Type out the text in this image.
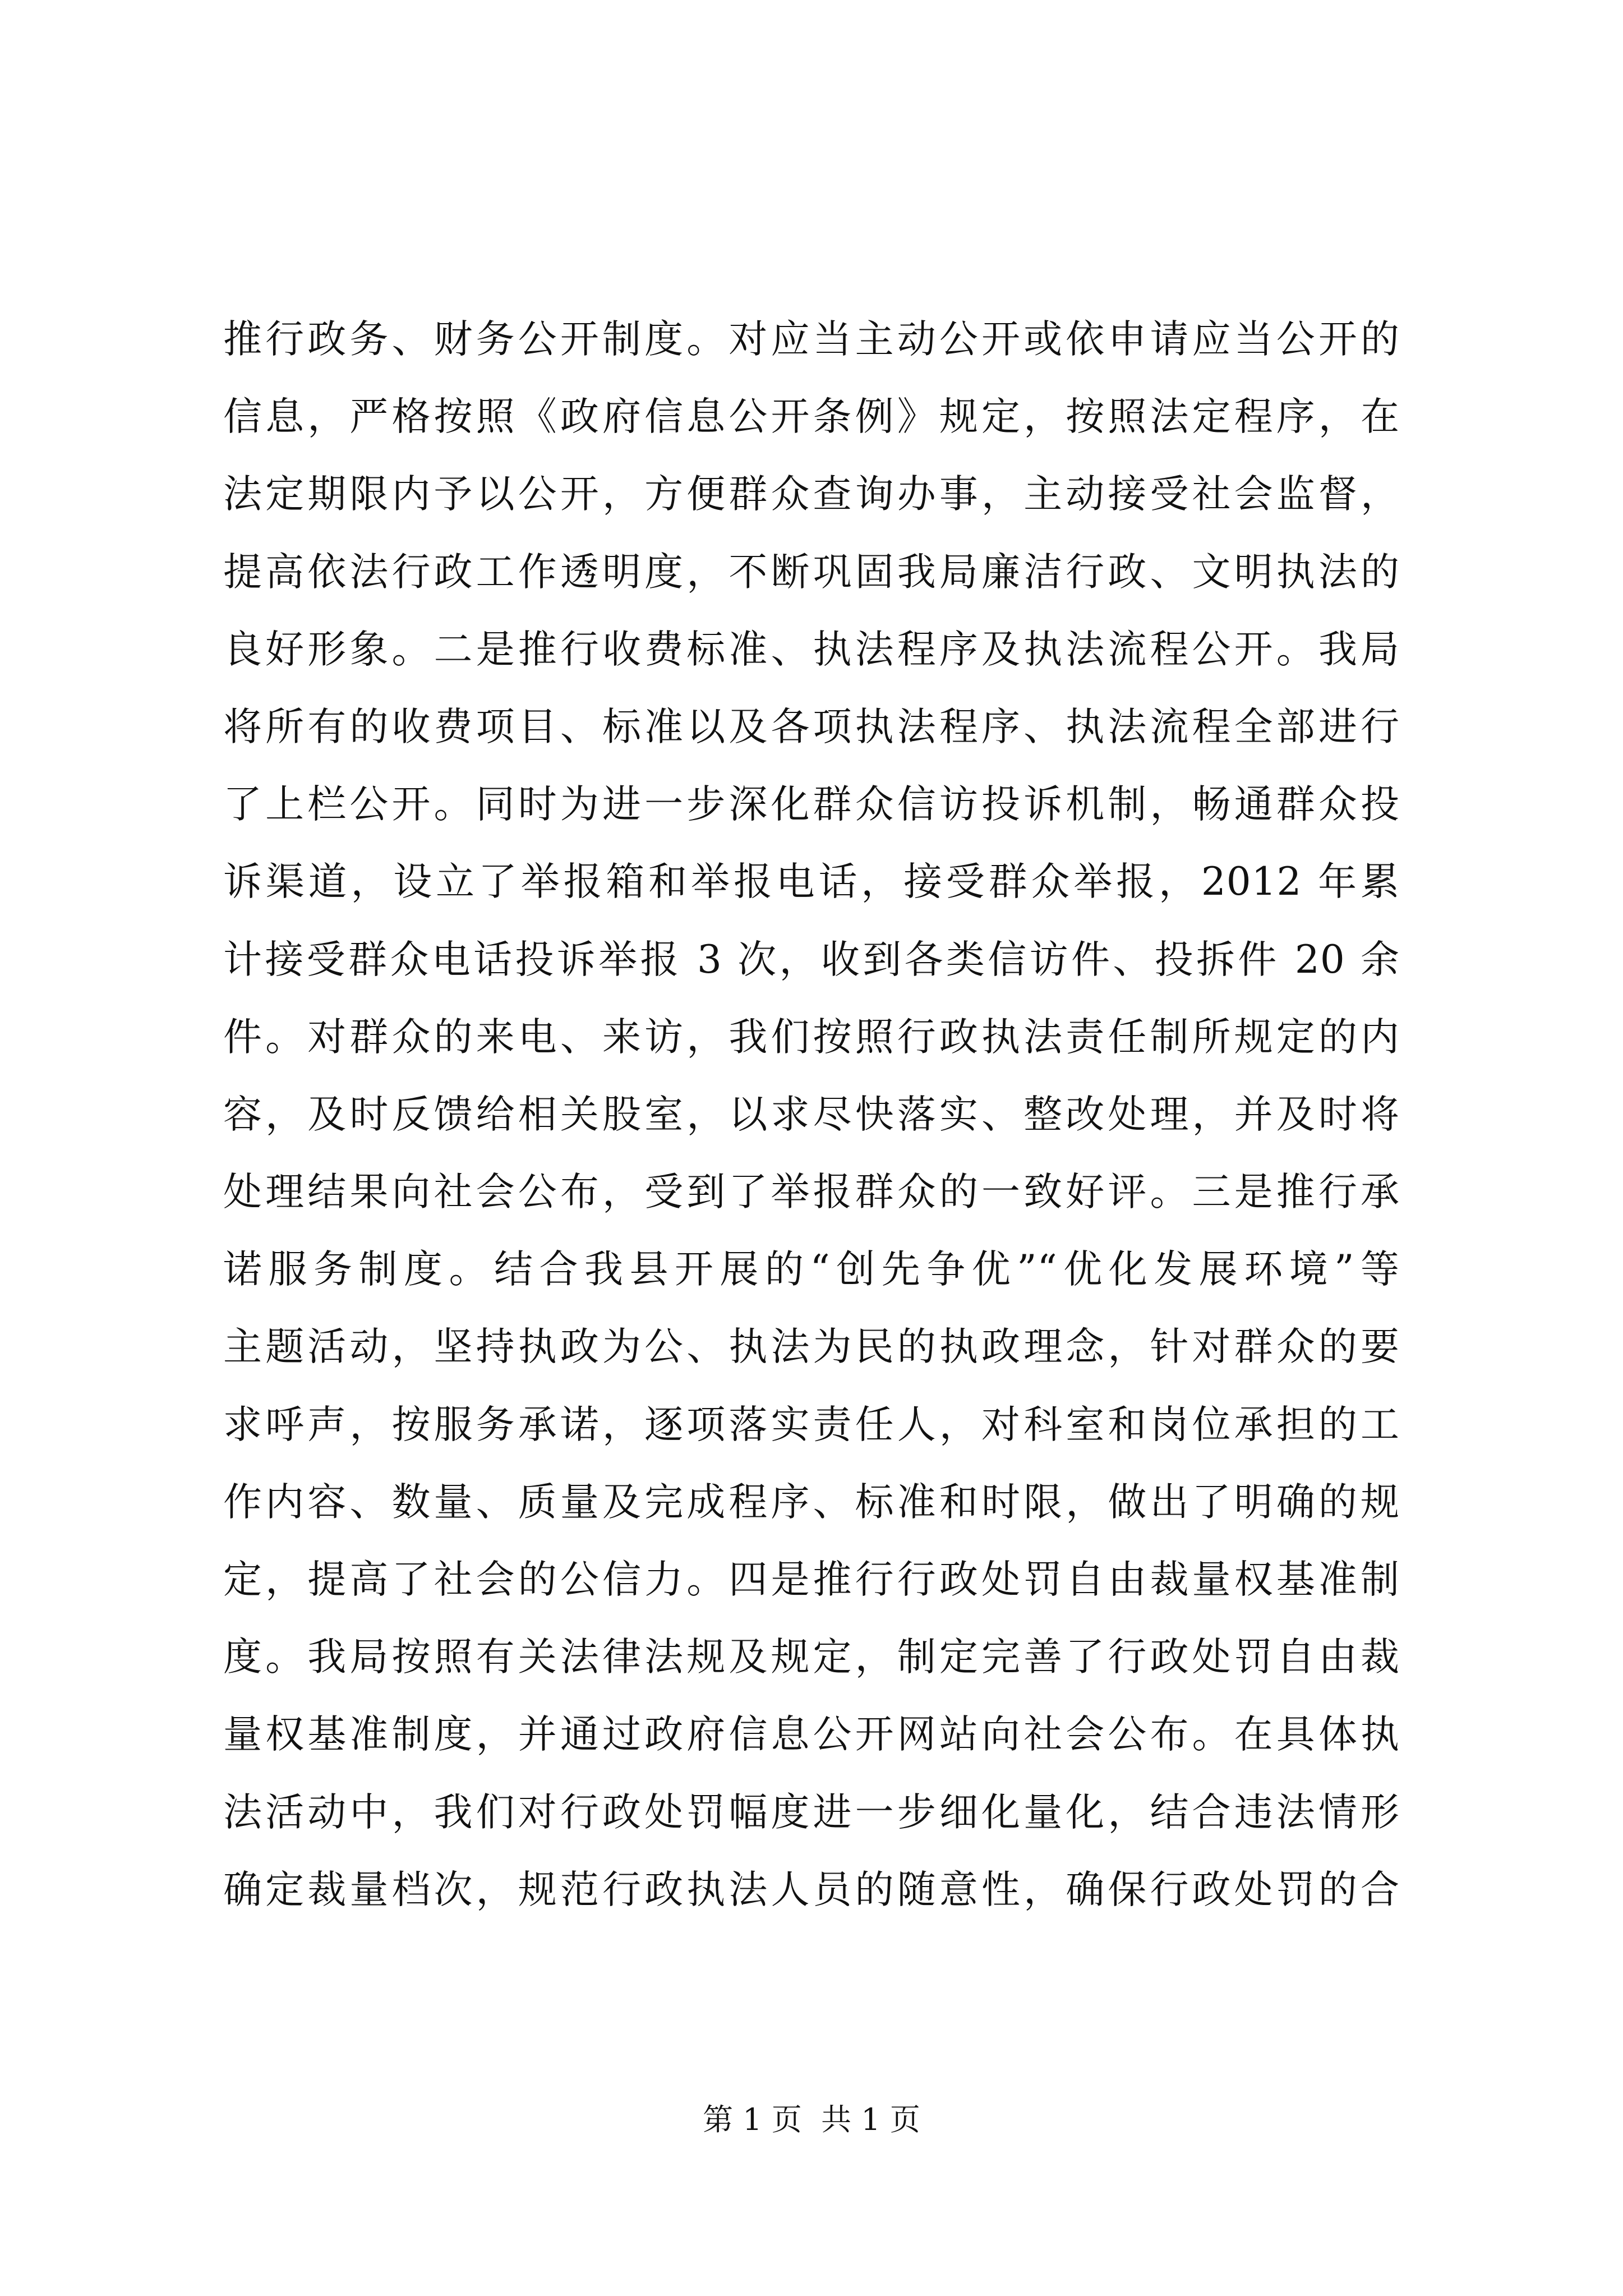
推行政务、财务公开制度。对应当主动公开或依申请应当公开的
信息，严格按照《政府信息公开条例》规定，按照法定程序，在
法定期限内予以公开，方便群众查询办事，主动接受社会监督，
提高依法行政工作透明度，不断巩固我局廉洁行政、文明执法的
良好形象。二是推行收费标准、执法程序及执法流程公开。我局
将所有的收费项目、标准以及各项执法程序、执法流程全部进行
了上栏公开。同时为进一步深化群众信访投诉机制，畅通群众投
诉渠道，设立了举报箱和举报电话，接受群众举报，2012 年累
计接受群众电话投诉举报 3 次，收到各类信访件、投拆件 20 余
件。对群众的来电、来访，我们按照行政执法责任制所规定的内
容，及时反馈给相关股室，以求尽快落实、整改处理，并及时将
处理结果向社会公布，受到了举报群众的一致好评。三是推行承
诺服务制度。结合我县开展的“创先争优”“优化发展环境”等
主题活动，坚持执政为公、执法为民的执政理念，针对群众的要
求呼声，按服务承诺，逐项落实责任人，对科室和岗位承担的工
作内容、数量、质量及完成程序、标准和时限，做出了明确的规
定，提高了社会的公信力。四是推行行政处罚自由裁量权基准制
度。我局按照有关法律法规及规定，制定完善了行政处罚自由裁
量权基准制度，并通过政府信息公开网站向社会公布。在具体执
法活动中，我们对行政处罚幅度进一步细化量化，结合违法情形
确定裁量档次，规范行政执法人员的随意性，确保行政处罚的合
第 1 页  共 1 页
